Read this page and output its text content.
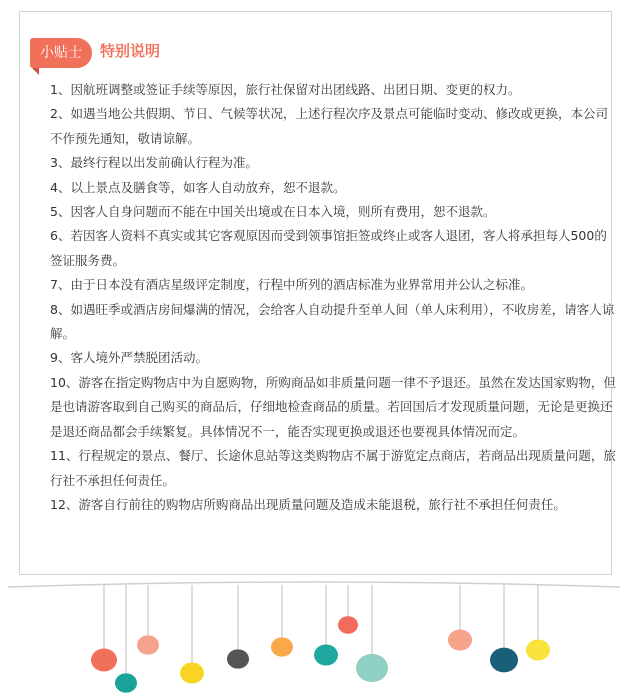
小贴士	特别说明
1、因航班调整或签证手续等原因，旅行社保留对出团线路、出团日期、变更的权力。
2、如遇当地公共假期、节日、气候等状况，上述行程次序及景点可能临时变动、修改或更换，本公司不作预先通知，敬请谅解。
3、最终行程以出发前确认行程为准。
4、以上景点及膳食等，如客人自动放弃，恕不退款。
5、因客人自身问题而不能在中国关出境或在日本入境，则所有费用，恕不退款。
6、若因客人资料不真实或其它客观原因而受到领事馆拒签或终止或客人退团，客人将承担每人500的签证服务费。
7、由于日本没有酒店星级评定制度，行程中所列的酒店标准为业界常用并公认之标准。
8、如遇旺季或酒店房间爆满的情况，会给客人自动提升至单人间（单人床利用），不收房差，请客人谅解。
9、客人境外严禁脱团活动。
10、游客在指定购物店中为自愿购物，所购商品如非质量问题一律不予退还。虽然在发达国家购物，但是也请游客取到自己购买的商品后，仔细地检查商品的质量。若回国后才发现质量问题，无论是更换还是退还商品都会手续繁复。具体情况不一，能否实现更换或退还也要视具体情况而定。
11、行程规定的景点、餐厅、长途休息站等这类购物店不属于游览定点商店，若商品出现质量问题，旅行社不承担任何责任。
12、游客自行前往的购物店所购商品出现质量问题及造成未能退税，旅行社不承担任何责任。
